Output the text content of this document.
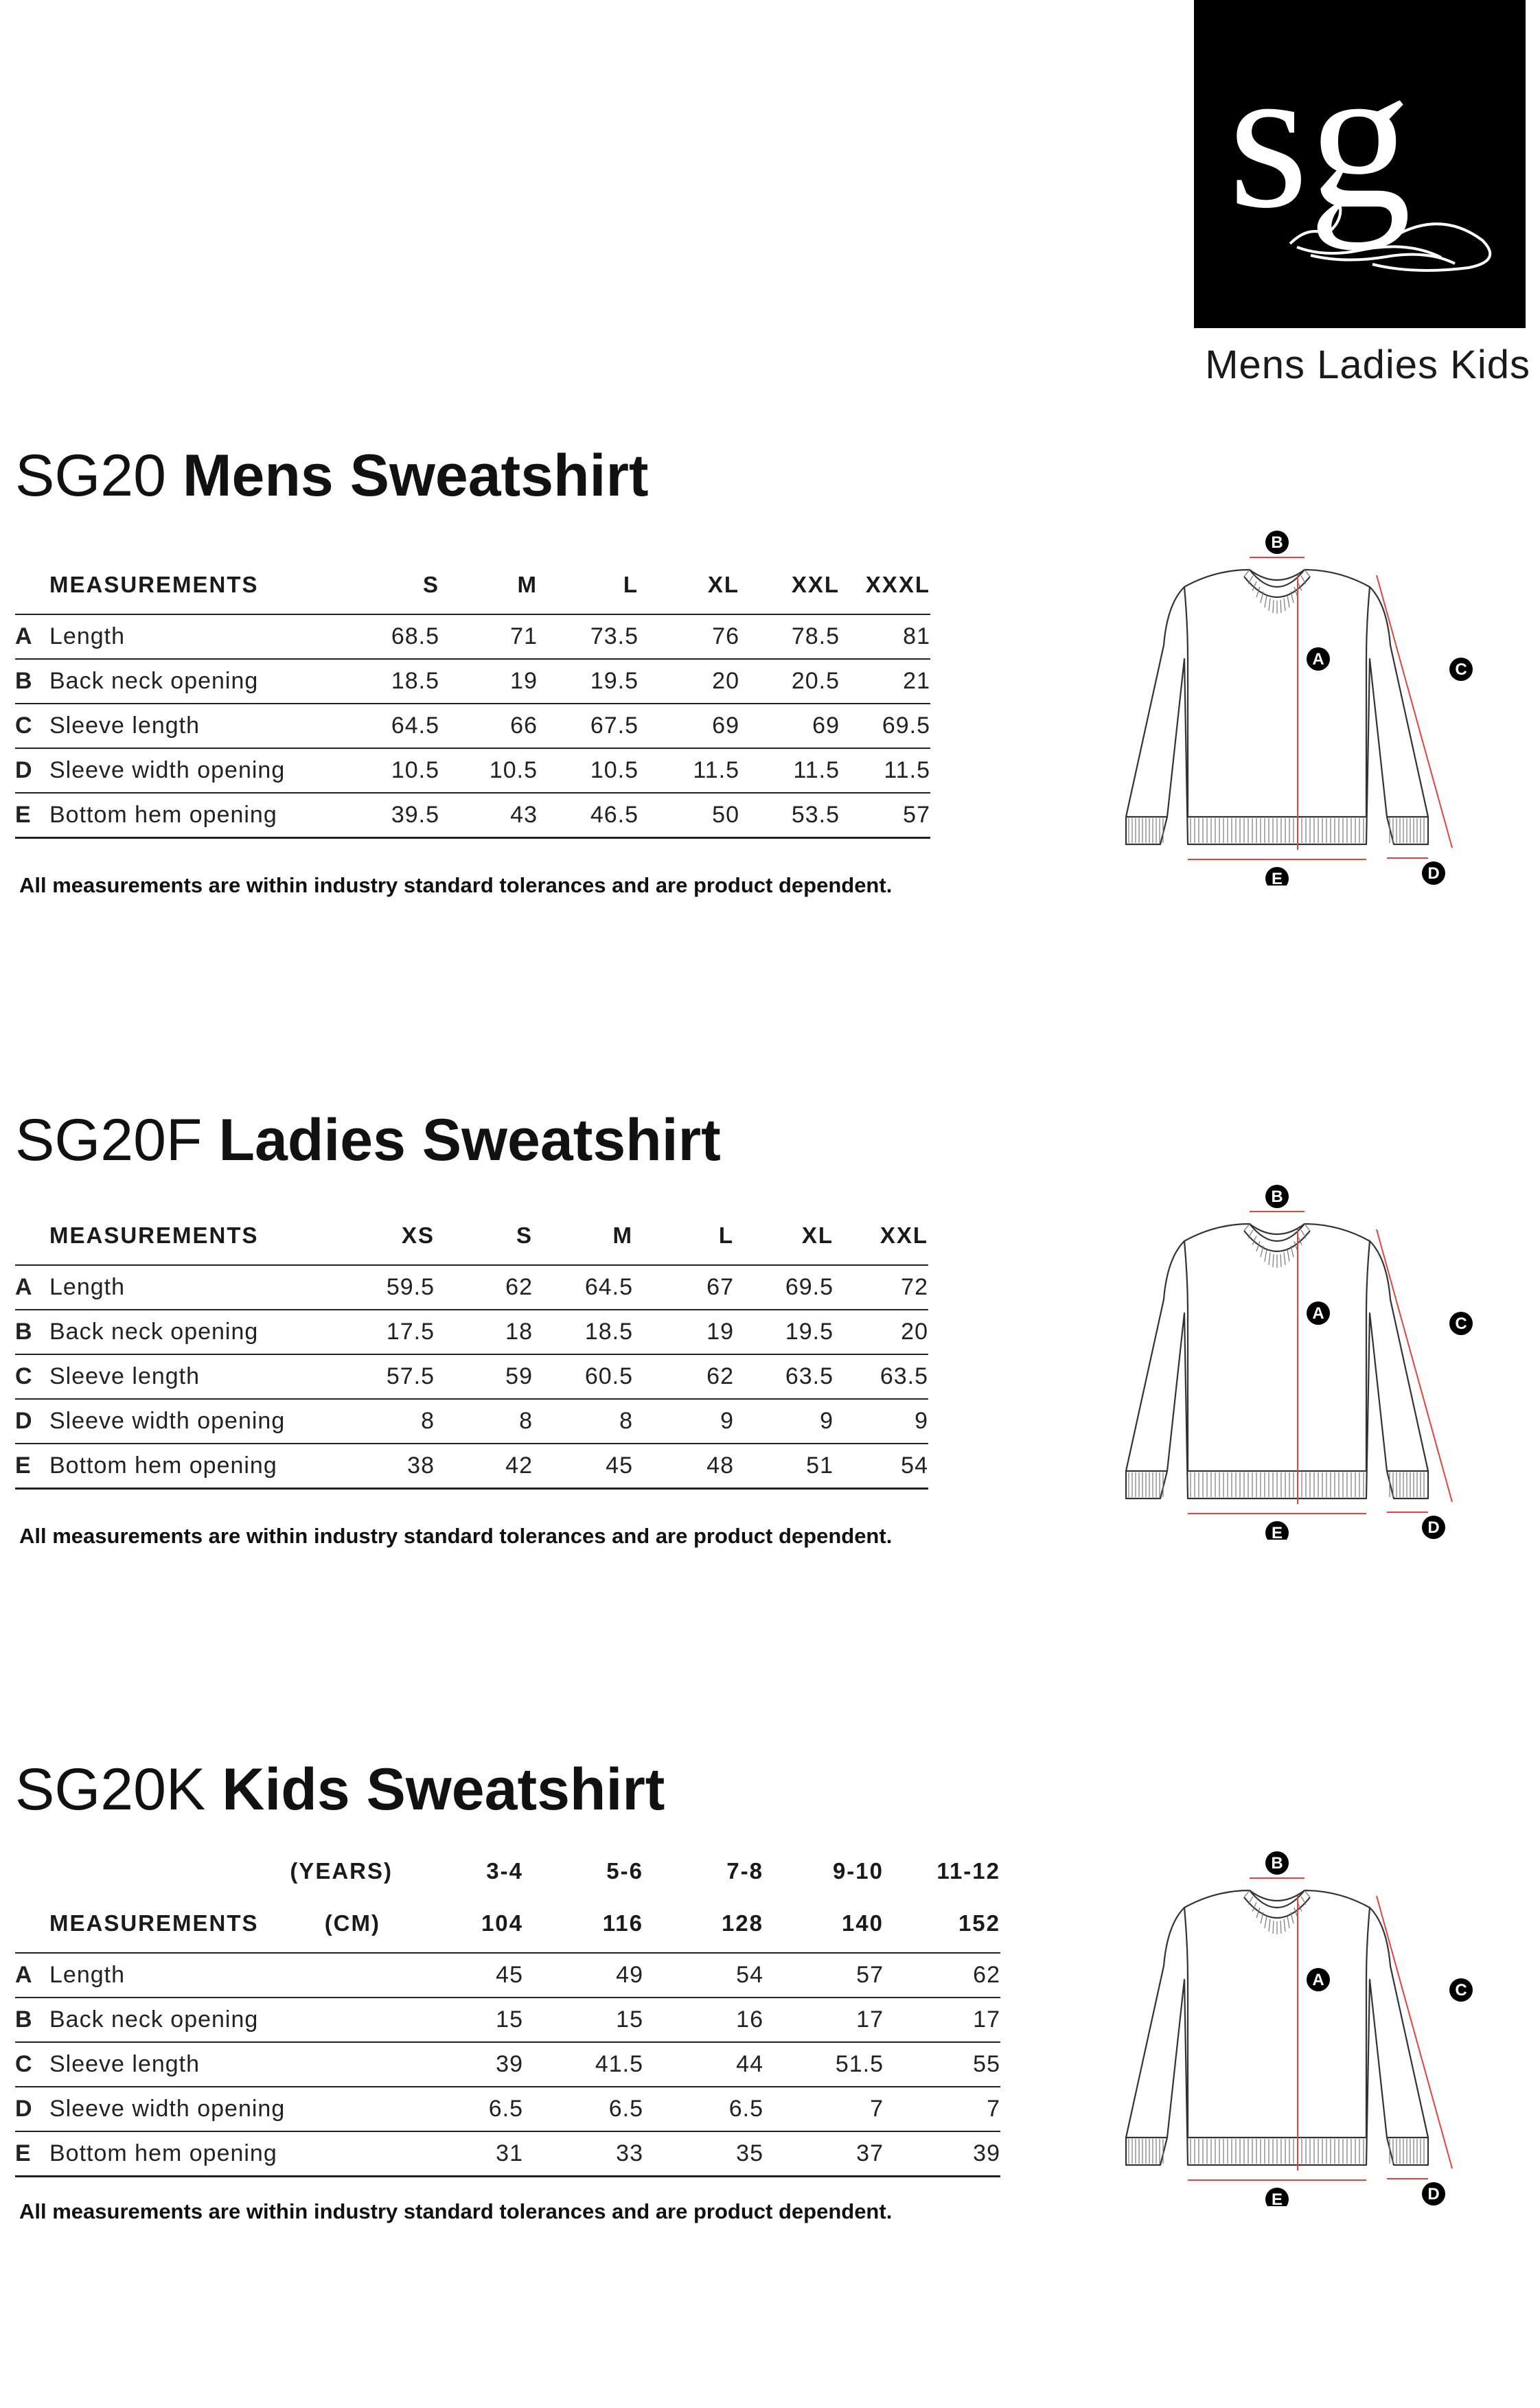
sg
Mens Ladies Kids
SG20 Mens Sweatshirt
	MEASUREMENTS	S	M	L	XL	XXL	XXXL
A	Length	68.5	71	73.5	76	78.5	81
B	Back neck opening	18.5	19	19.5	20	20.5	21
C	Sleeve length	64.5	66	67.5	69	69	69.5
D	Sleeve width opening	10.5	10.5	10.5	11.5	11.5	11.5
E	Bottom hem opening	39.5	43	46.5	50	53.5	57
All measurements are within industry standard tolerances and are product dependent.
B
A
C
E	D
SG20F Ladies Sweatshirt
	MEASUREMENTS	XS	S	M	L	XL	XXL
A	Length	59.5	62	64.5	67	69.5	72
B	Back neck opening	17.5	18	18.5	19	19.5	20
C	Sleeve length	57.5	59	60.5	62	63.5	63.5
D	Sleeve width opening	8	8	8	9	9	9
E	Bottom hem opening	38	42	45	48	51	54
All measurements are within industry standard tolerances and are product dependent.
B
A
C
E	D
SG20K Kids Sweatshirt
	(YEARS)	3-4	5-6	7-8	9-10	11-12
	MEASUREMENTS (CM)	104	116	128	140	152
A	Length	45	49	54	57	62
B	Back neck opening	15	15	16	17	17
C	Sleeve length	39	41.5	44	51.5	55
D	Sleeve width opening	6.5	6.5	6.5	7	7
E	Bottom hem opening	31	33	35	37	39
All measurements are within industry standard tolerances and are product dependent.
B
A
C
E	D
